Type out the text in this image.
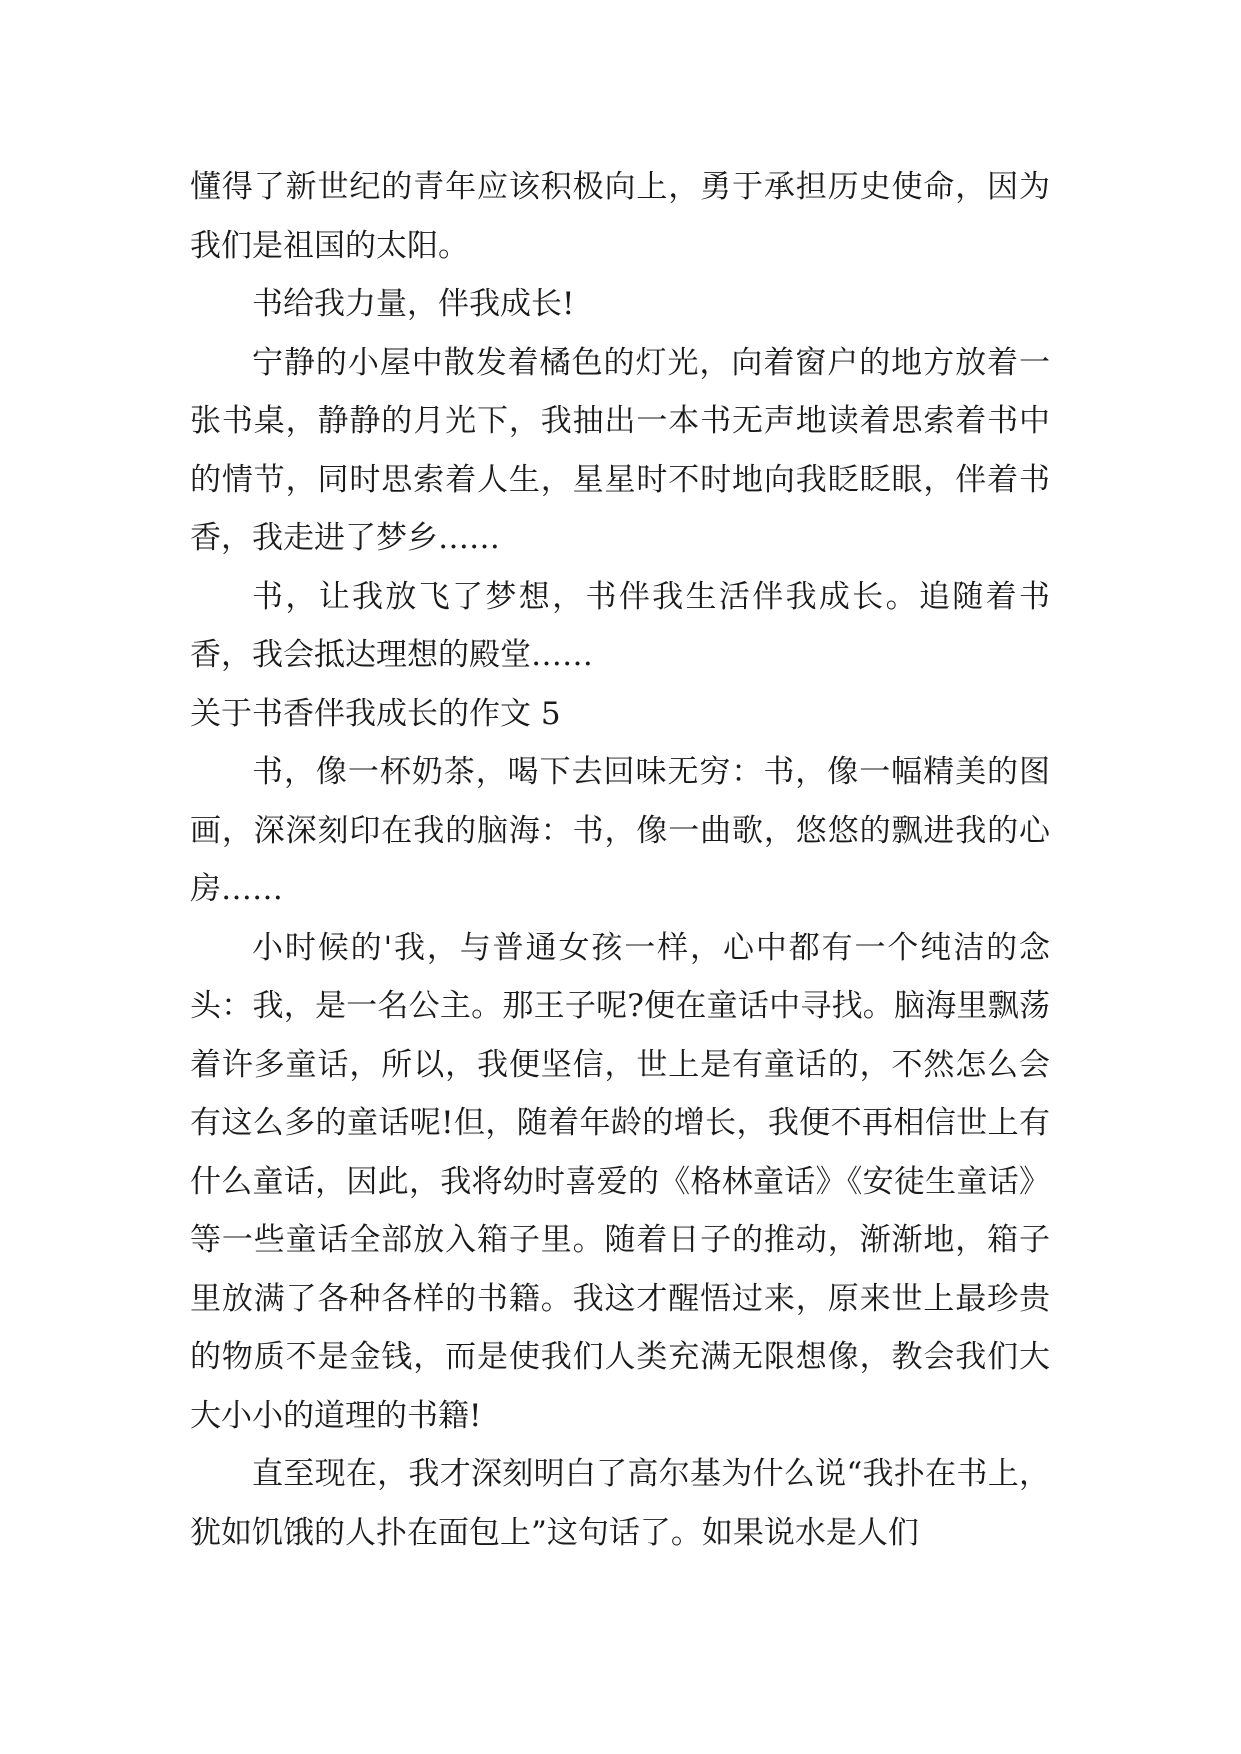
懂得了新世纪的青年应该积极向上，勇于承担历史使命，因为我们是祖国的太阳。

书给我力量，伴我成长!

宁静的小屋中散发着橘色的灯光，向着窗户的地方放着一张书桌，静静的月光下，我抽出一本书无声地读着思索着书中的情节，同时思索着人生，星星时不时地向我眨眨眼，伴着书香，我走进了梦乡……

书，让我放飞了梦想，书伴我生活伴我成长。追随着书香，我会抵达理想的殿堂……

关于书香伴我成长的作文 5

书，像一杯奶茶，喝下去回味无穷：书，像一幅精美的图画，深深刻印在我的脑海：书，像一曲歌，悠悠的飘进我的心房……

小时候的'我，与普通女孩一样，心中都有一个纯洁的念头：我，是一名公主。那王子呢?便在童话中寻找。脑海里飘荡着许多童话，所以，我便坚信，世上是有童话的，不然怎么会有这么多的童话呢!但，随着年龄的增长，我便不再相信世上有什么童话，因此，我将幼时喜爱的《格林童话》《安徒生童话》等一些童话全部放入箱子里。随着日子的推动，渐渐地，箱子里放满了各种各样的书籍。我这才醒悟过来，原来世上最珍贵的物质不是金钱，而是使我们人类充满无限想像，教会我们大大小小的道理的书籍!

直至现在，我才深刻明白了高尔基为什么说“我扑在书上，犹如饥饿的人扑在面包上”这句话了。如果说水是人们
